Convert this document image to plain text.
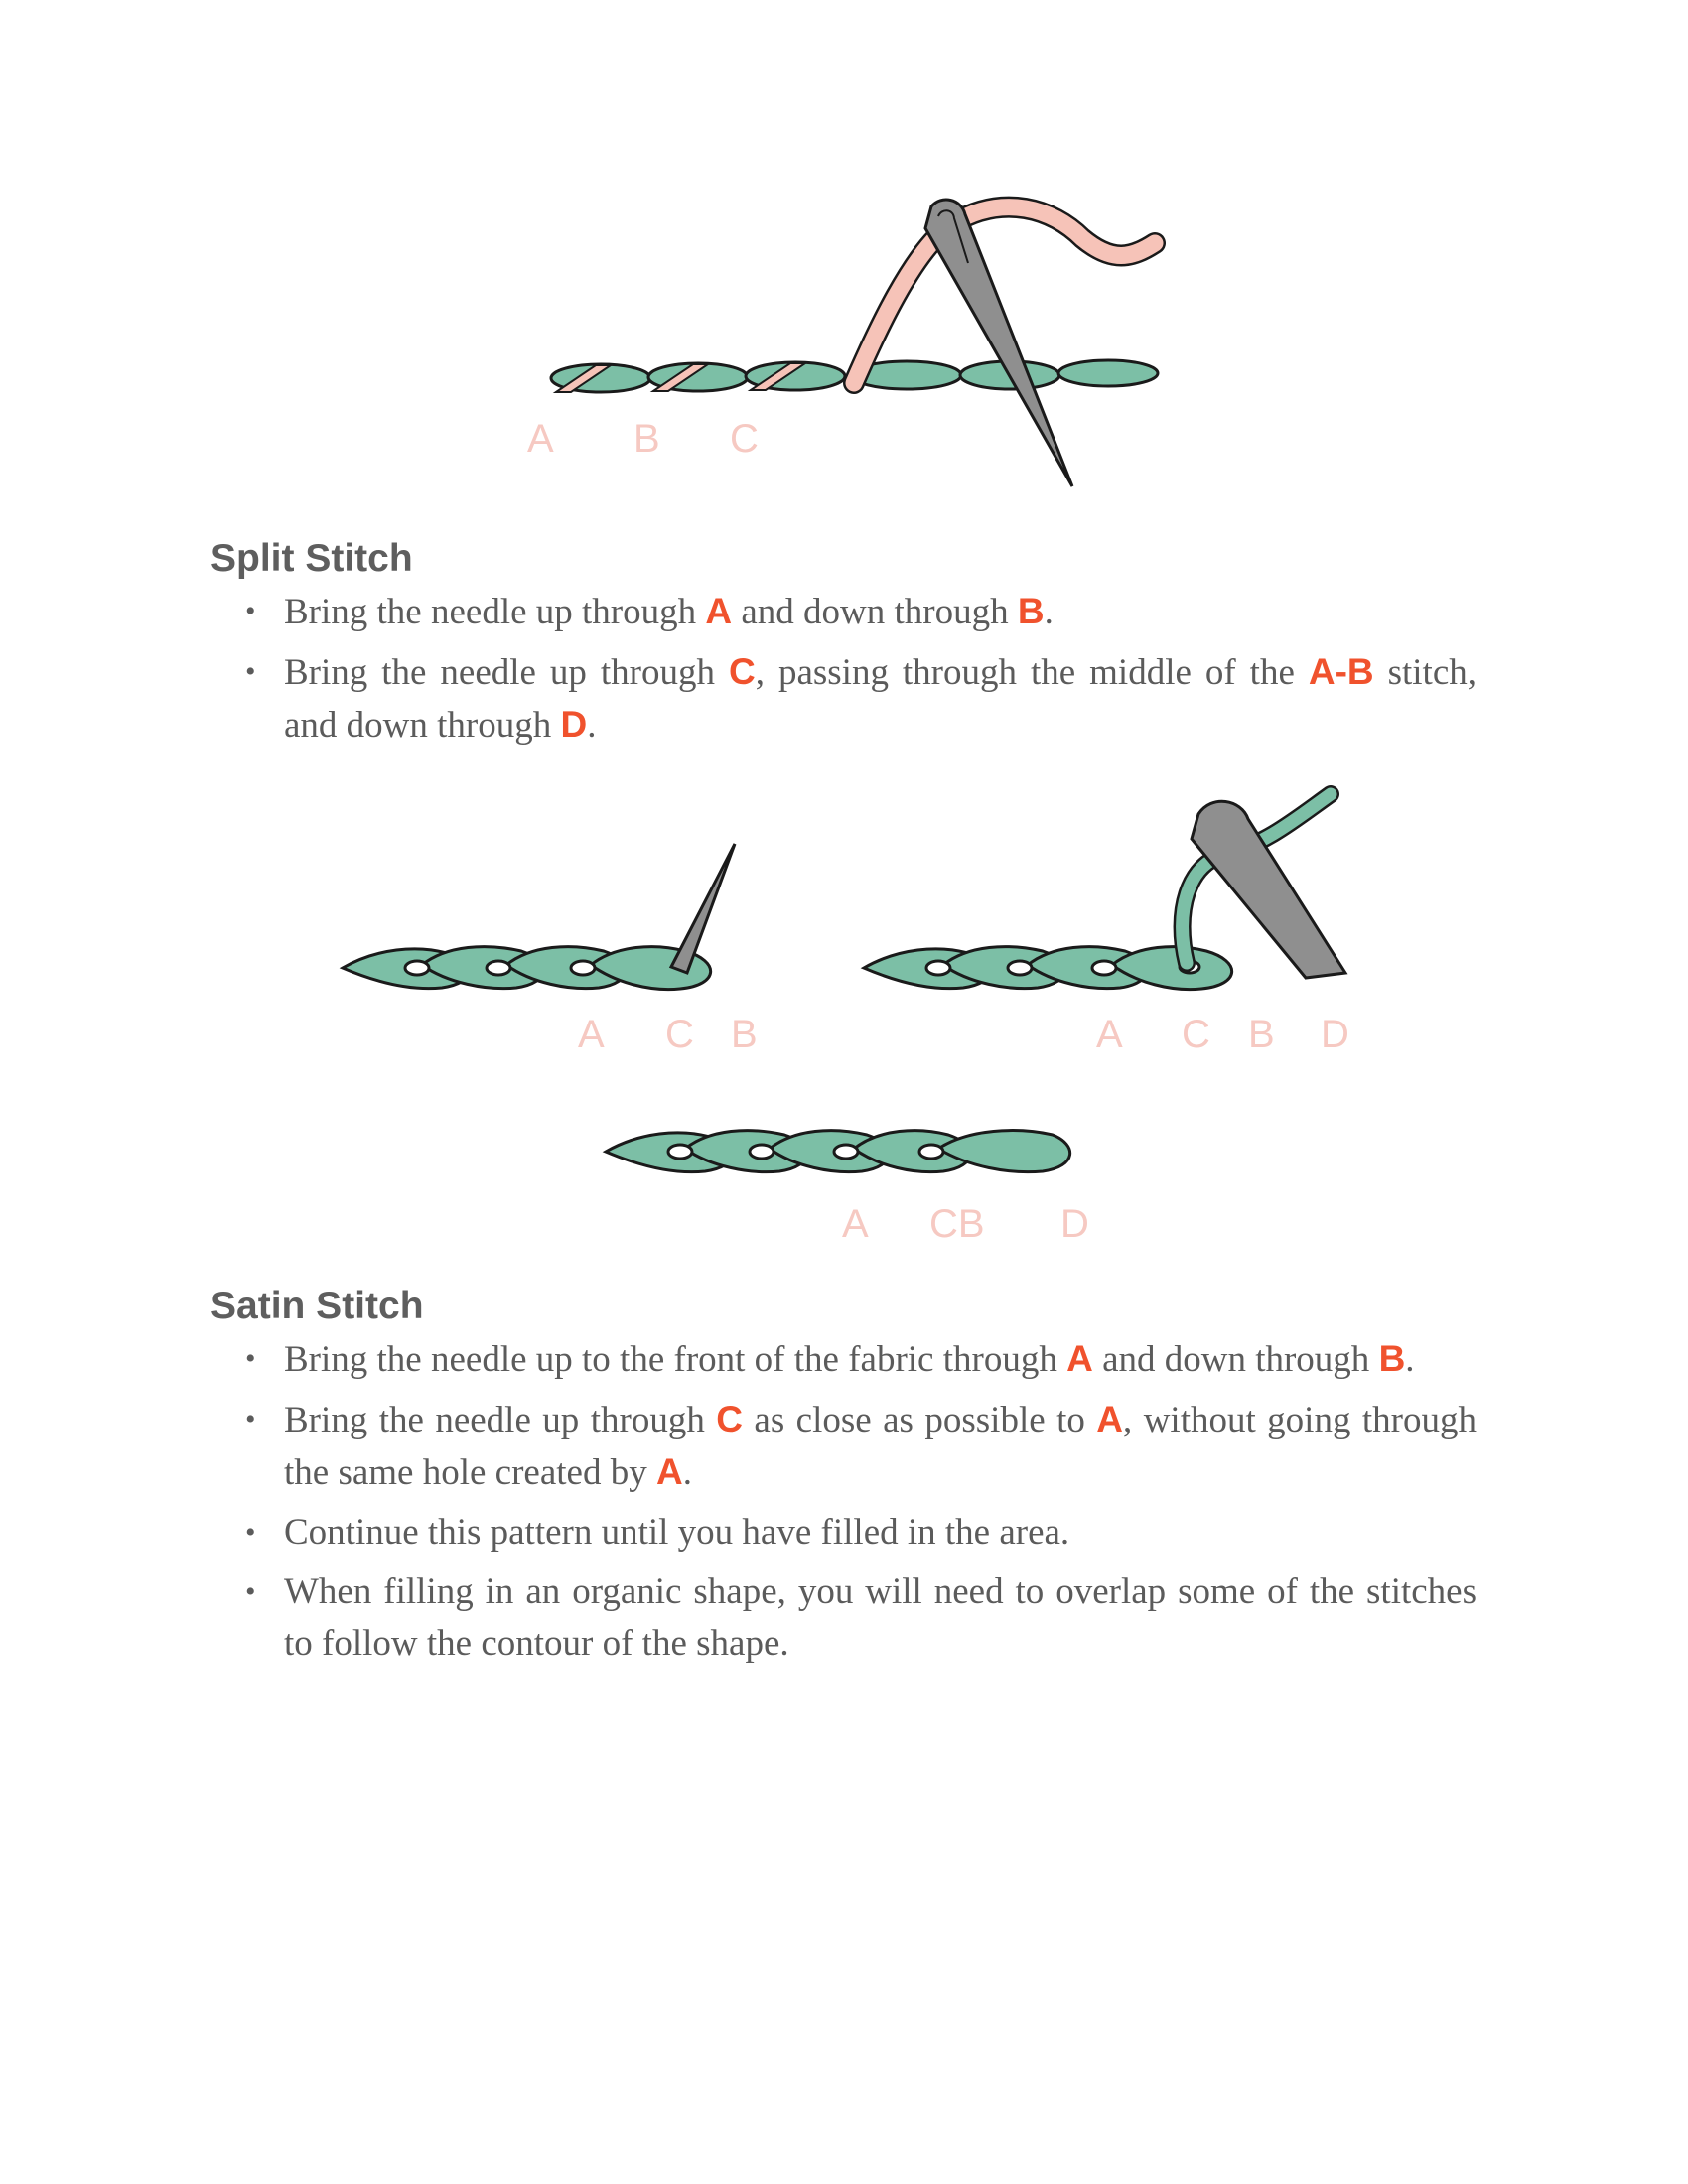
A B C
Split Stitch
• Bring the needle up through A and down through B.
• Bring the needle up through C, passing through the middle of the A-B stitch, and down through D.
A C B	A C B D
A CB D
Satin Stitch
• Bring the needle up to the front of the fabric through A and down through B.
• Bring the needle up through C as close as possible to A, without going through the same hole created by A.
• Continue this pattern until you have filled in the area.
• When filling in an organic shape, you will need to overlap some of the stitches to follow the contour of the shape.
